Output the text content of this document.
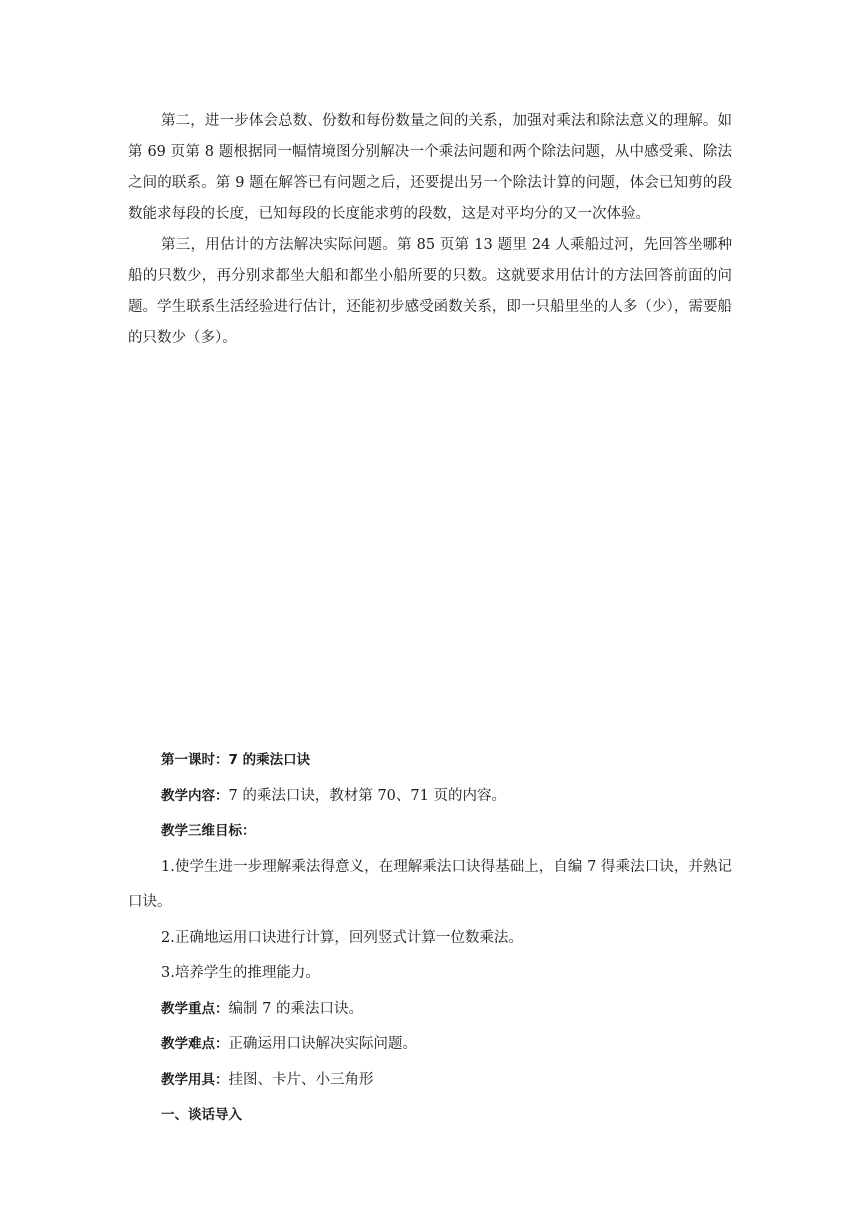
第二，进一步体会总数、份数和每份数量之间的关系，加强对乘法和除法意义的理解。如第 69 页第 8 题根据同一幅情境图分别解决一个乘法问题和两个除法问题，从中感受乘、除法之间的联系。第 9 题在解答已有问题之后，还要提出另一个除法计算的问题，体会已知剪的段数能求每段的长度，已知每段的长度能求剪的段数，这是对平均分的又一次体验。

第三，用估计的方法解决实际问题。第 85 页第 13 题里 24 人乘船过河，先回答坐哪种船的只数少，再分别求都坐大船和都坐小船所要的只数。这就要求用估计的方法回答前面的问题。学生联系生活经验进行估计，还能初步感受函数关系，即一只船里坐的人多（少），需要船的只数少（多）。

第一课时：7 的乘法口诀

教学内容：7 的乘法口诀，教材第 70、71 页的内容。

教学三维目标：

1.使学生进一步理解乘法得意义，在理解乘法口诀得基础上，自编 7 得乘法口诀，并熟记口诀。

2.正确地运用口诀进行计算，回列竖式计算一位数乘法。

3.培养学生的推理能力。

教学重点：编制 7 的乘法口诀。

教学难点：正确运用口诀解决实际问题。

教学用具：挂图、卡片、小三角形

一、谈话导入
